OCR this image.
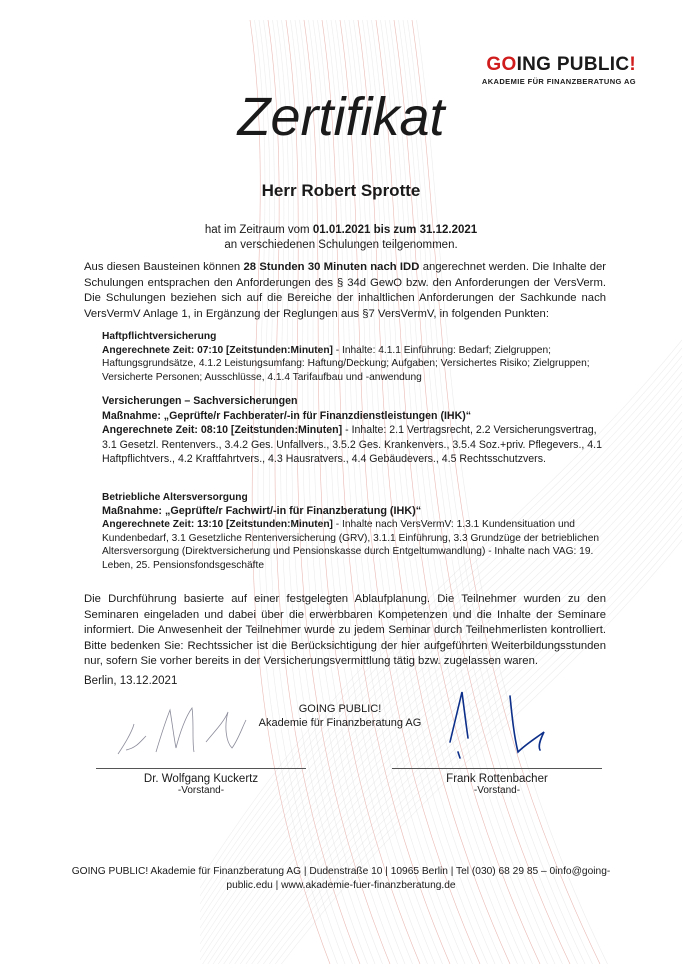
GOING PUBLIC!
AKADEMIE FÜR FINANZBERATUNG AG
Zertifikat
Herr Robert Sprotte
hat im Zeitraum vom 01.01.2021 bis zum 31.12.2021
an verschiedenen Schulungen teilgenommen.
Aus diesen Bausteinen können 28 Stunden 30 Minuten nach IDD angerechnet werden. Die Inhalte der Schulungen entsprachen den Anforderungen des § 34d GewO bzw. den Anforderungen der VersVerm. Die Schulungen beziehen sich auf die Bereiche der inhaltlichen Anforderungen der Sachkunde nach VersVermV Anlage 1, in Ergänzung der Reglungen aus §7 VersVermV, in folgenden Punkten:
Haftpflichtversicherung
Angerechnete Zeit: 07:10 [Zeitstunden:Minuten] - Inhalte: 4.1.1 Einführung: Bedarf; Zielgruppen; Haftungsgrundsätze, 4.1.2 Leistungsumfang: Haftung/Deckung; Aufgaben; Versichertes Risiko; Zielgruppen; Versicherte Personen; Ausschlüsse, 4.1.4 Tarifaufbau und -anwendung
Versicherungen – Sachversicherungen
Maßnahme: „Geprüfte/r Fachberater/-in für Finanzdienstleistungen (IHK)“
Angerechnete Zeit: 08:10 [Zeitstunden:Minuten] - Inhalte: 2.1 Vertragsrecht, 2.2 Versicherungsvertrag, 3.1 Gesetzl. Rentenvers., 3.4.2 Ges. Unfallvers., 3.5.2 Ges. Krankenvers., 3.5.4 Soz.+priv. Pflegevers., 4.1 Haftpflichtvers., 4.2 Kraftfahrtvers., 4.3 Hausratvers., 4.4 Gebäudevers., 4.5 Rechtsschutzvers.
Betriebliche Altersversorgung
Maßnahme: „Geprüfte/r Fachwirt/-in für Finanzberatung (IHK)“
Angerechnete Zeit: 13:10 [Zeitstunden:Minuten] - Inhalte nach VersVermV: 1.3.1 Kundensituation und Kundenbedarf, 3.1 Gesetzliche Rentenversicherung (GRV), 3.1.1 Einführung, 3.3 Grundzüge der betrieblichen Altersversorgung (Direktversicherung und Pensionskasse durch Entgeltumwandlung) - Inhalte nach VAG: 19. Leben, 25. Pensionsfondsgeschäfte
Die Durchführung basierte auf einer festgelegten Ablaufplanung. Die Teilnehmer wurden zu den Seminaren eingeladen und dabei über die erwerbbaren Kompetenzen und die Inhalte der Seminare informiert. Die Anwesenheit der Teilnehmer wurde zu jedem Seminar durch Teilnehmerlisten kontrolliert. Bitte bedenken Sie: Rechtssicher ist die Berücksichtigung der hier aufgeführten Weiterbildungsstunden nur, sofern Sie vorher bereits in der Versicherungsvermittlung tätig bzw. zugelassen waren.
Berlin, 13.12.2021
GOING PUBLIC!
Akademie für Finanzberatung AG
Dr. Wolfgang Kuckertz
-Vorstand-
Frank Rottenbacher
-Vorstand-
GOING PUBLIC! Akademie für Finanzberatung AG | Dudenstraße 10 | 10965 Berlin | Tel (030) 68 29 85 – 0info@going-
public.edu | www.akademie-fuer-finanzberatung.de
